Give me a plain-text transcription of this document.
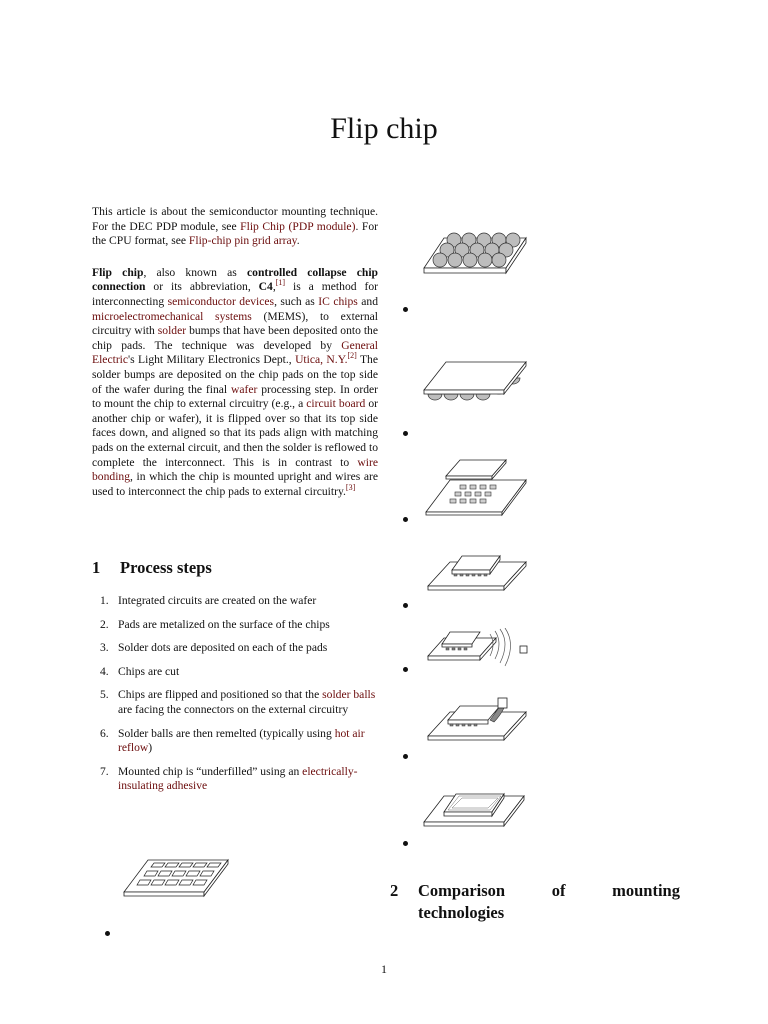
Flip chip

This article is about the semiconductor mounting technique. For the DEC PDP module, see Flip Chip (PDP module). For the CPU format, see Flip-chip pin grid array.

Flip chip, also known as controlled collapse chip connection or its abbreviation, C4,[1] is a method for interconnecting semiconductor devices, such as IC chips and microelectromechanical systems (MEMS), to external circuitry with solder bumps that have been deposited onto the chip pads. The technique was developed by General Electric's Light Military Electronics Dept., Utica, N.Y.[2] The solder bumps are deposited on the chip pads on the top side of the wafer during the final wafer processing step. In order to mount the chip to external circuitry (e.g., a circuit board or another chip or wafer), it is flipped over so that its top side faces down, and aligned so that its pads align with matching pads on the external circuit, and then the solder is reflowed to complete the interconnect. This is in contrast to wire bonding, in which the chip is mounted upright and wires are used to interconnect the chip pads to external circuitry.[3]

1 Process steps
1. Integrated circuits are created on the wafer
2. Pads are metalized on the surface of the chips
3. Solder dots are deposited on each of the pads
4. Chips are cut
5. Chips are flipped and positioned so that the solder balls are facing the connectors on the external circuitry
6. Solder balls are then remelted (typically using hot air reflow)
7. Mounted chip is “underfilled” using an electrically-insulating adhesive
2	Comparison of mounting technologies
1
